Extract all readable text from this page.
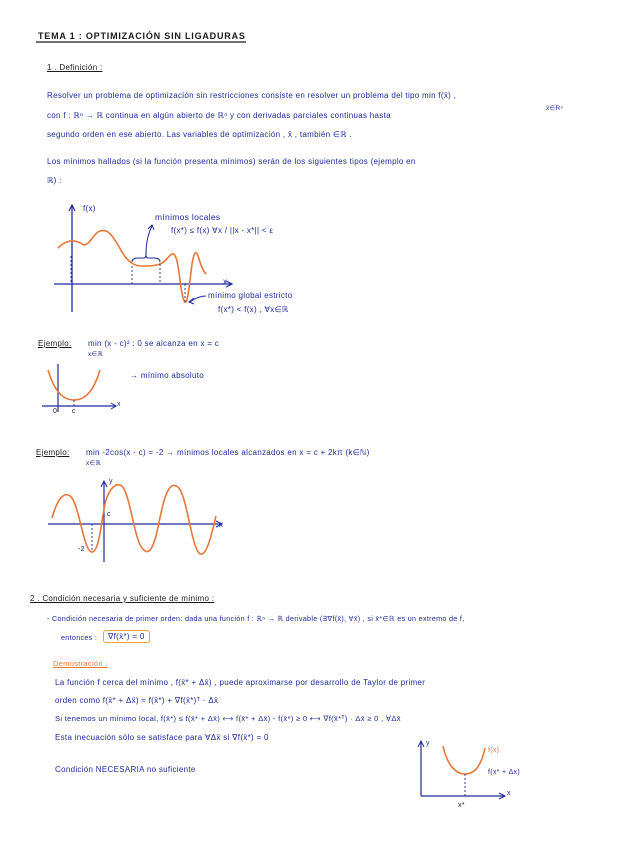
TEMA 1 : OPTIMIZACIÓN SIN LIGADURAS
1 . Definición :
Resolver un problema de optimización sin restricciones consiste en resolver un problema del tipo min f(x̄) ,
x̄∈Rⁿ
con f : ℝⁿ → ℝ continua en algún abierto de ℝⁿ y con derivadas parciales continuas hasta
segundo orden en ese abierto. Las variables de optimización , x̄ , también ∈ℝ .
Los mínimos hallados (si la función presenta mínimos) serán de los siguientes tipos (ejemplo en
ℝ) :
f(x)
x
mínimos locales
f(x*) ≤ f(x) ∀x / ||x - x*|| < ε
mínimo global estricto
f(x*) < f(x) , ∀x∈ℝ
Ejemplo: min (x - c)² : 0 se alcanza en x = c
x∈ℝ
→ mínimo absoluto
0 c
x
Ejemplo: min -2cos(x - c) = -2 → mínimos locales alcanzados en x = c + 2kπ (k∈ℕ)
x∈ℝ
y
c
-2
x
2 . Condición necesaria y suficiente de mínimo :
- Condición necesaria de primer orden: dada una función f : ℝⁿ → ℝ derivable (∃∇f(x̄), ∀x̄) , si x̄*∈ℝ es un extremo de f,
entonces :	∇f(x̄*) = 0
Demostración :
La función f cerca del mínimo , f(x̄* + Δx̄) , puede aproximarse por desarrollo de Taylor de primer
orden como f(x̄* + Δx̄) ≈ f(x̄*) + ∇f(x̄*)ᵀ · Δx̄
Si tenemos un mínimo local, f(x̄*) ≤ f(x̄* + Δx̄) ⟷ f(x̄* + Δx̄) - f(x̄*) ≥ 0 ⟷ ∇f(x̄*ᵀ) · Δx̄ ≥ 0 , ∀Δx̄
Esta inecuación sólo se satisface para ∀Δx̄ si ∇f(x̄*) = 0
Condición NECESARIA no suficiente
y
f(x)
f(x* + Δx)
x*
x
